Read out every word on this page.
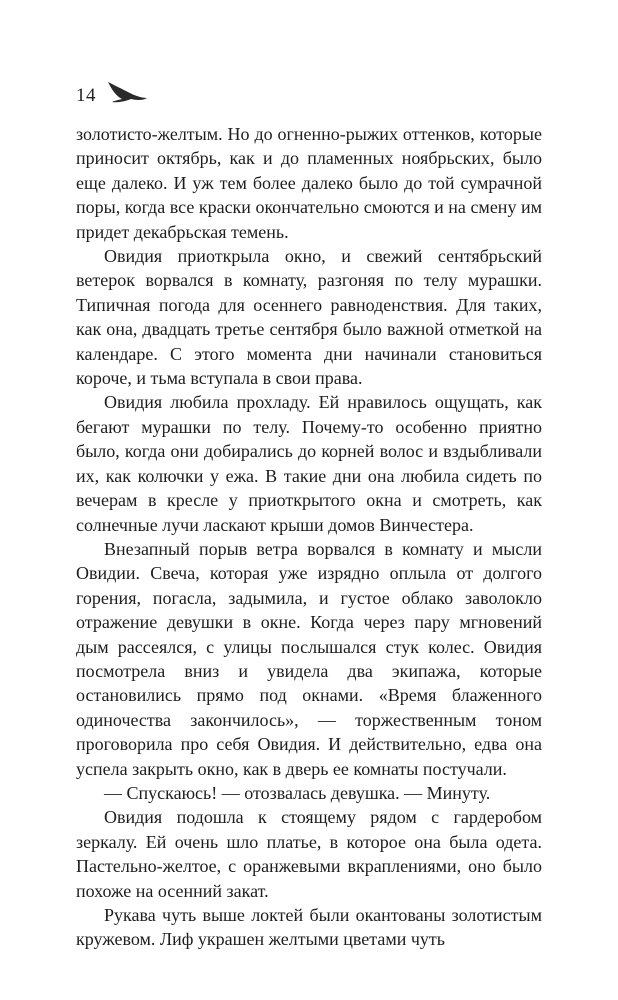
14

золотисто-желтым. Но до огненно-рыжих оттенков, которые приносит октябрь, как и до пламенных ноябрьских, было еще далеко. И уж тем более далеко было до той сумрачной поры, когда все краски окончательно смоются и на смену им придет декабрьская темень.

Овидия приоткрыла окно, и свежий сентябрьский ветерок ворвался в комнату, разгоняя по телу мурашки. Типичная погода для осеннего равноденствия. Для таких, как она, двадцать третье сентября было важной отметкой на календаре. С этого момента дни начинали становиться короче, и тьма вступала в свои права.

Овидия любила прохладу. Ей нравилось ощущать, как бегают мурашки по телу. Почему-то особенно приятно было, когда они добирались до корней волос и вздыбливали их, как колючки у ежа. В такие дни она любила сидеть по вечерам в кресле у приоткрытого окна и смотреть, как солнечные лучи ласкают крыши домов Винчестера.

Внезапный порыв ветра ворвался в комнату и мысли Овидии. Свеча, которая уже изрядно оплыла от долгого горения, погасла, задымила, и густое облако заволокло отражение девушки в окне. Когда через пару мгновений дым рассеялся, с улицы послышался стук колес. Овидия посмотрела вниз и увидела два экипажа, которые остановились прямо под окнами. «Время блаженного одиночества закончилось», — торжественным тоном проговорила про себя Овидия. И действительно, едва она успела закрыть окно, как в дверь ее комнаты постучали.

— Спускаюсь! — отозвалась девушка. — Минуту.

Овидия подошла к стоящему рядом с гардеробом зеркалу. Ей очень шло платье, в которое она была одета. Пастельно-желтое, с оранжевыми вкраплениями, оно было похоже на осенний закат.

Рукава чуть выше локтей были окантованы золотистым кружевом. Лиф украшен желтыми цветами чуть
